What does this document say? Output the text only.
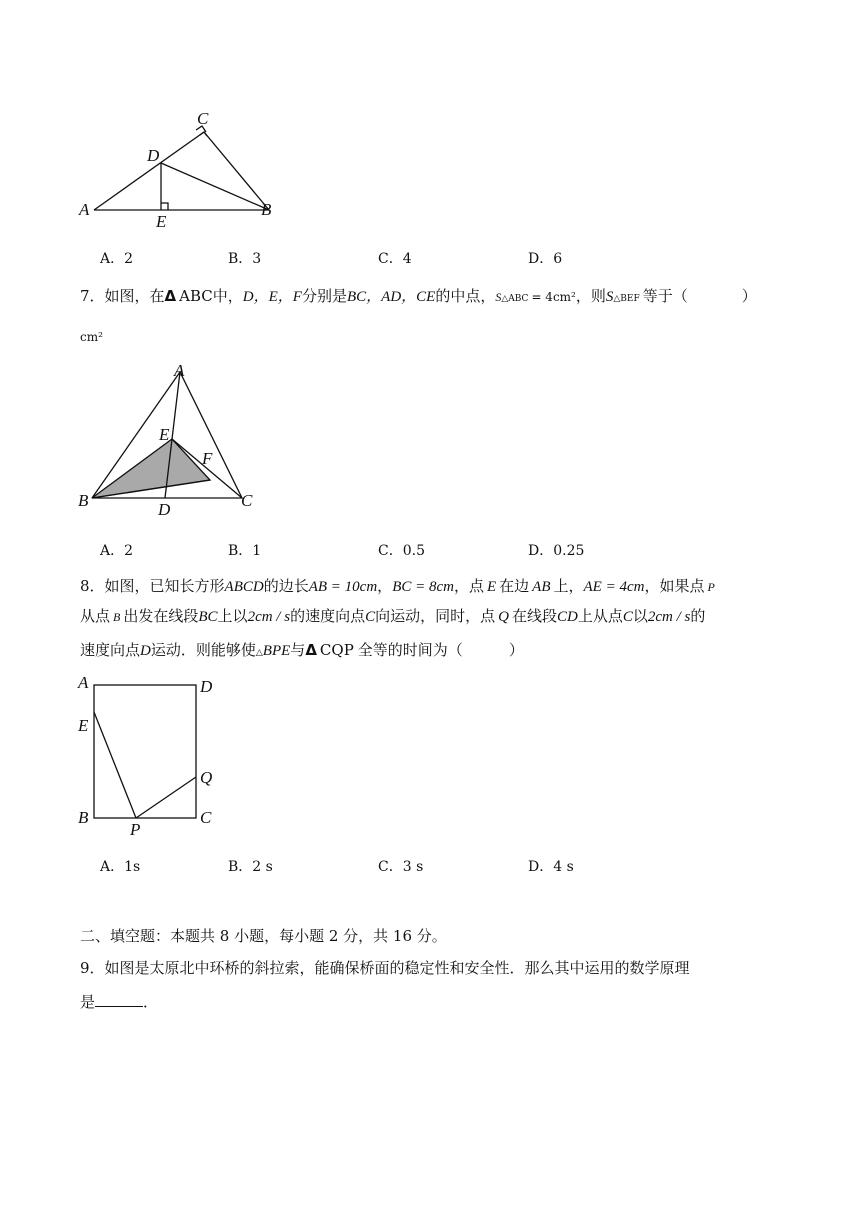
C
D
A
E
B
A．2	B．3	C．4	D．6
7．如图，在Δ ABC中，D，E，F分别是BC，AD，CE的中点，S△ABC = 4cm²，则S△BEF 等于（	）
cm²
A
E
F
B	D	C
A．2	B．1	C．0.5	D．0.25
8．如图，已知长方形ABCD的边长AB = 10cm，BC = 8cm，点 E 在边 AB 上，AE = 4cm，如果点 P
从点 B 出发在线段BC上以2cm / s的速度向点C向运动，同时，点 Q 在线段CD上从点C以2cm / s的
速度向点D运动．则能够使△BPE与Δ CQP 全等的时间为（	）
A	D
E
Q
B	C
P
A．1s	B．2 s	C．3 s	D．4 s
二、填空题：本题共 8 小题，每小题 2 分，共 16 分。
9．如图是太原北中环桥的斜拉索，能确保桥面的稳定性和安全性．那么其中运用的数学原理
是	．
